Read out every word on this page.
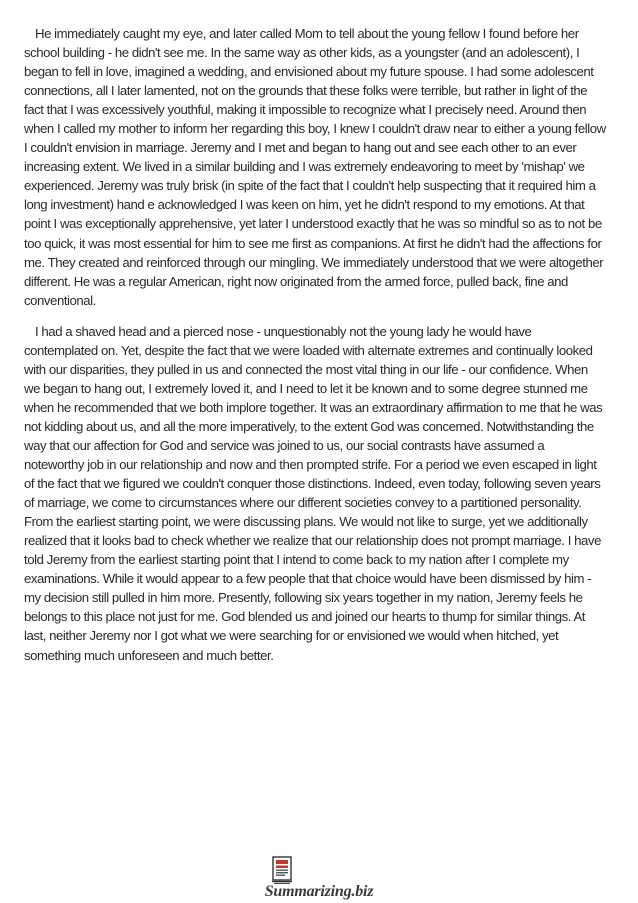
He immediately caught my eye, and later called Mom to tell about the young fellow I found before her school building - he didn't see me. In the same way as other kids, as a youngster (and an adolescent), I began to fell in love, imagined a wedding, and envisioned about my future spouse. I had some adolescent connections, all I later lamented, not on the grounds that these folks were terrible, but rather in light of the fact that I was excessively youthful, making it impossible to recognize what I precisely need. Around then when I called my mother to inform her regarding this boy, I knew I couldn't draw near to either a young fellow I couldn't envision in marriage. Jeremy and I met and began to hang out and see each other to an ever increasing extent. We lived in a similar building and I was extremely endeavoring to meet by 'mishap' we experienced. Jeremy was truly brisk (in spite of the fact that I couldn't help suspecting that it required him a long investment) hand e acknowledged I was keen on him, yet he didn't respond to my emotions. At that point I was exceptionally apprehensive, yet later I understood exactly that he was so mindful so as to not be too quick, it was most essential for him to see me first as companions. At first he didn't had the affections for me. They created and reinforced through our mingling. We immediately understood that we were altogether different. He was a regular American, right now originated from the armed force, pulled back, fine and conventional.

I had a shaved head and a pierced nose - unquestionably not the young lady he would have contemplated on. Yet, despite the fact that we were loaded with alternate extremes and continually looked with our disparities, they pulled in us and connected the most vital thing in our life - our confidence. When we began to hang out, I extremely loved it, and I need to let it be known and to some degree stunned me when he recommended that we both implore together. It was an extraordinary affirmation to me that he was not kidding about us, and all the more imperatively, to the extent God was concerned. Notwithstanding the way that our affection for God and service was joined to us, our social contrasts have assumed a noteworthy job in our relationship and now and then prompted strife. For a period we even escaped in light of the fact that we figured we couldn't conquer those distinctions. Indeed, even today, following seven years of marriage, we come to circumstances where our different societies convey to a partitioned personality. From the earliest starting point, we were discussing plans. We would not like to surge, yet we additionally realized that it looks bad to check whether we realize that our relationship does not prompt marriage. I have told Jeremy from the earliest starting point that I intend to come back to my nation after I complete my examinations. While it would appear to a few people that that choice would have been dismissed by him - my decision still pulled in him more. Presently, following six years together in my nation, Jeremy feels he belongs to this place not just for me. God blended us and joined our hearts to thump for similar things. At last, neither Jeremy nor I got what we were searching for or envisioned we would when hitched, yet something much unforeseen and much better.

Summarizing.biz
